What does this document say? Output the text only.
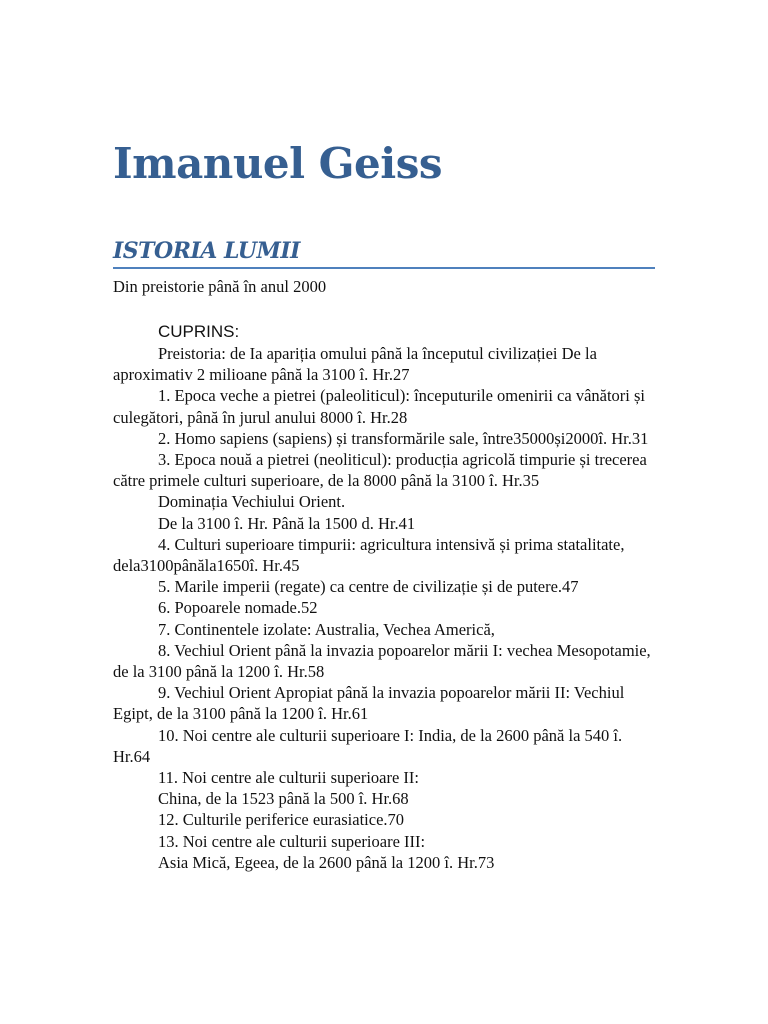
Imanuel Geiss
ISTORIA LUMII

Din preistorie până în anul 2000

CUPRINS:

Preistoria: de Ia apariția omului până la începutul civilizației De la aproximativ 2 milioane până la 3100 î. Hr.27

1. Epoca veche a pietrei (paleoliticul): începuturile omenirii ca vânători și culegători, până în jurul anului 8000 î. Hr.28

2. Homo sapiens (sapiens) și transformările sale, între35000și2000î. Hr.31

3. Epoca nouă a pietrei (neoliticul): producția agricolă timpurie și trecerea către primele culturi superioare, de la 8000 până la 3100 î. Hr.35

Dominația Vechiului Orient.

De la 3100 î. Hr. Până la 1500 d. Hr.41

4. Culturi superioare timpurii: agricultura intensivă și prima statalitate, dela3100pânăla1650î. Hr.45

5. Marile imperii (regate) ca centre de civilizație și de putere.47

6. Popoarele nomade.52

7. Continentele izolate: Australia, Vechea Americă,

8. Vechiul Orient până la invazia popoarelor mării I: vechea Mesopotamie, de la 3100 până la 1200 î. Hr.58

9. Vechiul Orient Apropiat până la invazia popoarelor mării II: Vechiul Egipt, de la 3100 până la 1200 î. Hr.61

10. Noi centre ale culturii superioare I: India, de la 2600 până la 540 î. Hr.64

11. Noi centre ale culturii superioare II:

China, de la 1523 până la 500 î. Hr.68

12. Culturile periferice eurasiatice.70

13. Noi centre ale culturii superioare III:

Asia Mică, Egeea, de la 2600 până la 1200 î. Hr.73
